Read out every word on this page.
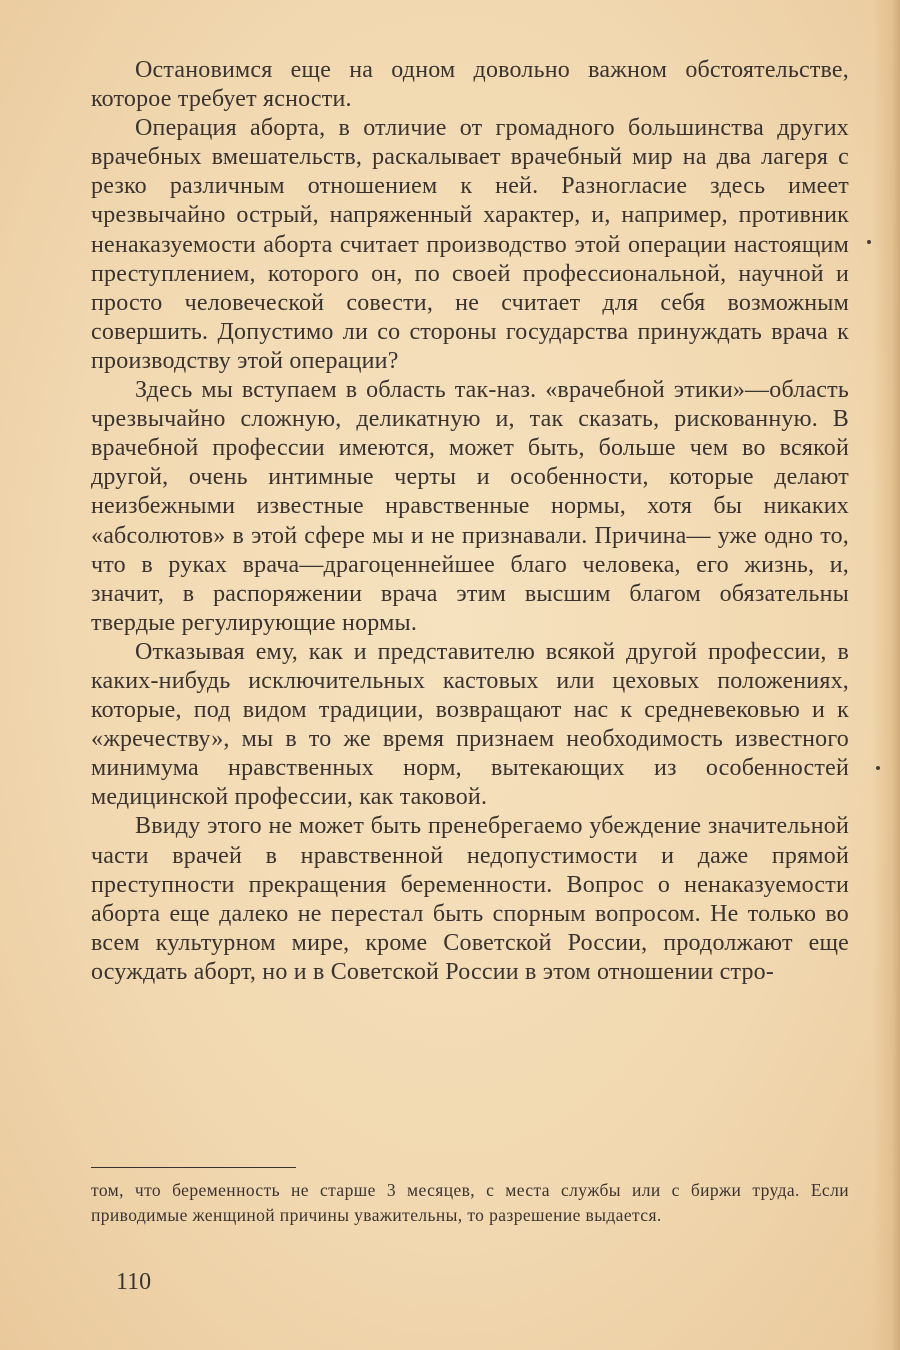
Остановимся еще на одном довольно важном обстоятельстве, которое требует ясности.

Операция аборта, в отличие от громадного большинства других врачебных вмешательств, раскалывает врачебный мир на два лагеря с резко различным отношением к ней. Разногласие здесь имеет чрезвычайно острый, напряженный характер, и, например, противник ненаказуемости аборта считает производство этой операции настоящим преступлением, которого он, по своей профессиональной, научной и просто человеческой совести, не считает для себя возможным совершить. Допустимо ли со стороны государства принуждать врача к производству этой операции?

Здесь мы вступаем в область так-наз. «врачебной этики»—область чрезвычайно сложную, деликатную и, так сказать, рискованную. В врачебной профессии имеются, может быть, больше чем во всякой другой, очень интимные черты и особенности, которые делают неизбежными известные нравственные нормы, хотя бы никаких «абсолютов» в этой сфере мы и не признавали. Причина— уже одно то, что в руках врача—драгоценнейшее благо человека, его жизнь, и, значит, в распоряжении врача этим высшим благом обязательны твердые регулирующие нормы.

Отказывая ему, как и представителю всякой другой профессии, в каких-нибудь исключительных кастовых или цеховых положениях, которые, под видом традиции, возвращают нас к средневековью и к «жречеству», мы в то же время признаем необходимость известного минимума нравственных норм, вытекающих из особенностей медицинской профессии, как таковой.

Ввиду этого не может быть пренебрегаемо убеждение значительной части врачей в нравственной недопустимости и даже прямой преступности прекращения беременности. Вопрос о ненаказуемости аборта еще далеко не перестал быть спорным вопросом. Не только во всем культурном мире, кроме Советской России, продолжают еще осуждать аборт, но и в Советской России в этом отношении стро-

том, что беременность не старше 3 месяцев, с места службы или с биржи труда. Если приводимые женщиной причины уважительны, то разрешение выдается.
110
